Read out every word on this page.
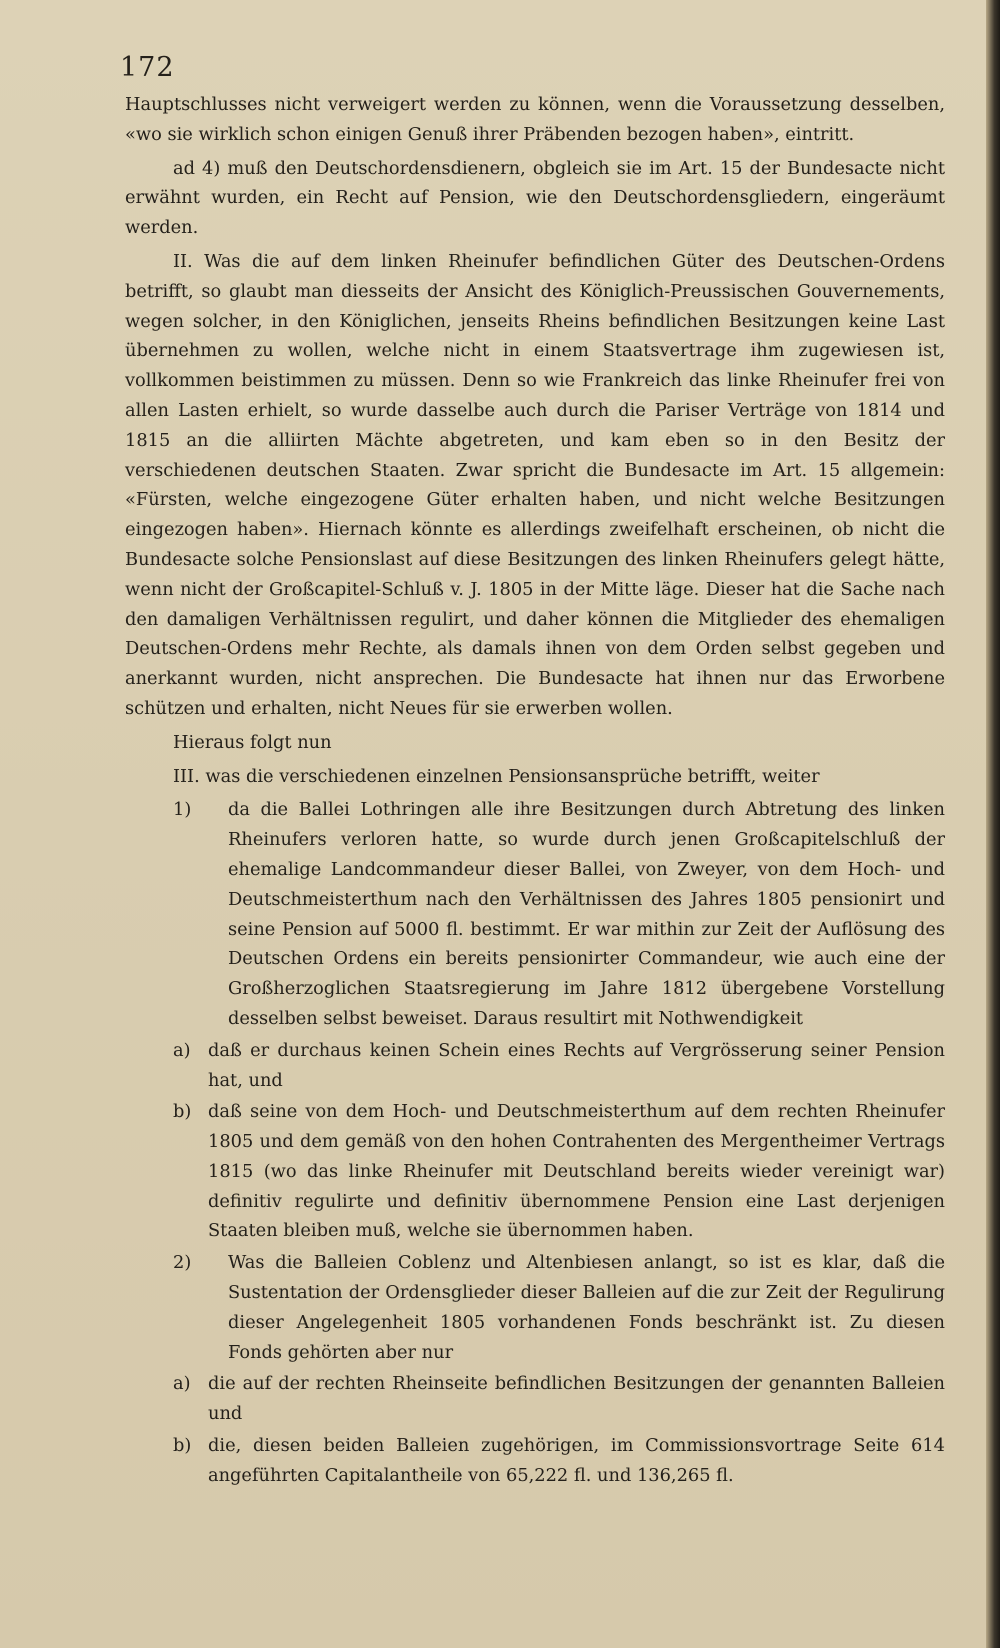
172

Hauptschlusses nicht verweigert werden zu können, wenn die Voraussetzung desselben, «wo sie wirklich schon einigen Genuß ihrer Präbenden bezogen haben», eintritt.

ad 4) muß den Deutschordensdienern, obgleich sie im Art. 15 der Bundesacte nicht erwähnt wurden, ein Recht auf Pension, wie den Deutschordensgliedern, eingeräumt werden.

II. Was die auf dem linken Rheinufer befindlichen Güter des Deutschen-Ordens betrifft, so glaubt man diesseits der Ansicht des Königlich-Preussischen Gouvernements, wegen solcher, in den Königlichen, jenseits Rheins befindlichen Besitzungen keine Last übernehmen zu wollen, welche nicht in einem Staatsvertrage ihm zugewiesen ist, vollkommen beistimmen zu müssen. Denn so wie Frankreich das linke Rheinufer frei von allen Lasten erhielt, so wurde dasselbe auch durch die Pariser Verträge von 1814 und 1815 an die alliirten Mächte abgetreten, und kam eben so in den Besitz der verschiedenen deutschen Staaten. Zwar spricht die Bundesacte im Art. 15 allgemein: «Fürsten, welche eingezogene Güter erhalten haben, und nicht welche Besitzungen eingezogen haben». Hiernach könnte es allerdings zweifelhaft erscheinen, ob nicht die Bundesacte solche Pensionslast auf diese Besitzungen des linken Rheinufers gelegt hätte, wenn nicht der Großcapitel-Schluß v. J. 1805 in der Mitte läge. Dieser hat die Sache nach den damaligen Verhältnissen regulirt, und daher können die Mitglieder des ehemaligen Deutschen-Ordens mehr Rechte, als damals ihnen von dem Orden selbst gegeben und anerkannt wurden, nicht ansprechen. Die Bundesacte hat ihnen nur das Erworbene schützen und erhalten, nicht Neues für sie erwerben wollen.

Hieraus folgt nun

III. was die verschiedenen einzelnen Pensionsansprüche betrifft, weiter

1) da die Ballei Lothringen alle ihre Besitzungen durch Abtretung des linken Rheinufers verloren hatte, so wurde durch jenen Großcapitelschluß der ehemalige Landcommandeur dieser Ballei, von Zweyer, von dem Hoch- und Deutschmeisterthum nach den Verhältnissen des Jahres 1805 pensionirt und seine Pension auf 5000 fl. bestimmt. Er war mithin zur Zeit der Auflösung des Deutschen Ordens ein bereits pensionirter Commandeur, wie auch eine der Großherzoglichen Staatsregierung im Jahre 1812 übergebene Vorstellung desselben selbst beweiset. Daraus resultirt mit Nothwendigkeit
a) daß er durchaus keinen Schein eines Rechts auf Vergrösserung seiner Pension hat, und
b) daß seine von dem Hoch- und Deutschmeisterthum auf dem rechten Rheinufer 1805 und dem gemäß von den hohen Contrahenten des Mergentheimer Vertrags 1815 (wo das linke Rheinufer mit Deutschland bereits wieder vereinigt war) definitiv regulirte und definitiv übernommene Pension eine Last derjenigen Staaten bleiben muß, welche sie übernommen haben.
2) Was die Balleien Coblenz und Altenbiesen anlangt, so ist es klar, daß die Sustentation der Ordensglieder dieser Balleien auf die zur Zeit der Regulirung dieser Angelegenheit 1805 vorhandenen Fonds beschränkt ist. Zu diesen Fonds gehörten aber nur
a) die auf der rechten Rheinseite befindlichen Besitzungen der genannten Balleien und
b) die, diesen beiden Balleien zugehörigen, im Commissionsvortrage Seite 614 angeführten Capitalantheile von 65,222 fl. und 136,265 fl.
